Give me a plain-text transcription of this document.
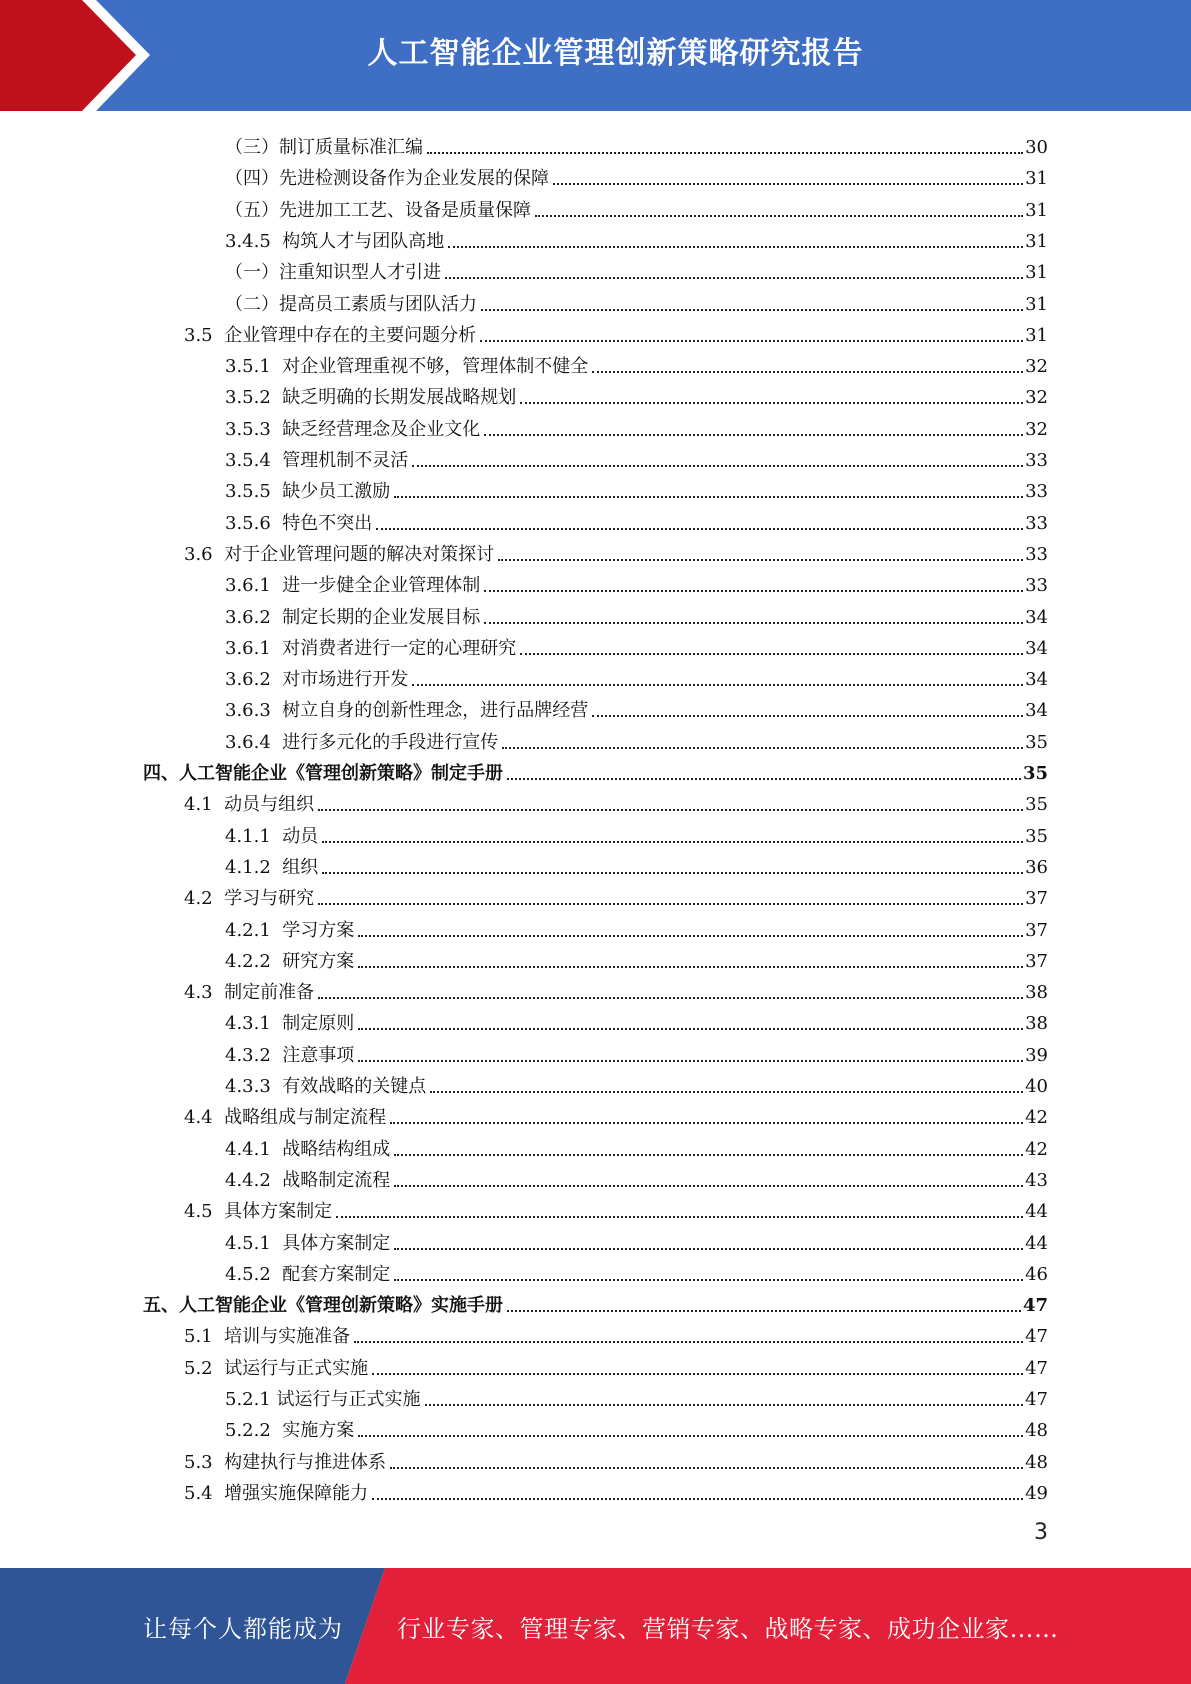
人工智能企业管理创新策略研究报告
（三）制订质量标准汇编	30
（四）先进检测设备作为企业发展的保障	31
（五）先进加工工艺、设备是质量保障	31
3.4.5  构筑人才与团队高地	31
（一）注重知识型人才引进	31
（二）提高员工素质与团队活力	31
3.5  企业管理中存在的主要问题分析	31
3.5.1  对企业管理重视不够，管理体制不健全	32
3.5.2  缺乏明确的长期发展战略规划	32
3.5.3  缺乏经营理念及企业文化	32
3.5.4  管理机制不灵活	33
3.5.5  缺少员工激励	33
3.5.6  特色不突出	33
3.6  对于企业管理问题的解决对策探讨	33
3.6.1  进一步健全企业管理体制	33
3.6.2  制定长期的企业发展目标	34
3.6.1  对消费者进行一定的心理研究	34
3.6.2  对市场进行开发	34
3.6.3  树立自身的创新性理念，进行品牌经营	34
3.6.4  进行多元化的手段进行宣传	35
四、人工智能企业《管理创新策略》制定手册	35
4.1  动员与组织	35
4.1.1  动员	35
4.1.2  组织	36
4.2  学习与研究	37
4.2.1  学习方案	37
4.2.2  研究方案	37
4.3  制定前准备	38
4.3.1  制定原则	38
4.3.2  注意事项	39
4.3.3  有效战略的关键点	40
4.4  战略组成与制定流程	42
4.4.1  战略结构组成	42
4.4.2  战略制定流程	43
4.5  具体方案制定	44
4.5.1  具体方案制定	44
4.5.2  配套方案制定	46
五、人工智能企业《管理创新策略》实施手册	47
5.1  培训与实施准备	47
5.2  试运行与正式实施	47
5.2.1 试运行与正式实施	47
5.2.2  实施方案	48
5.3  构建执行与推进体系	48
5.4  增强实施保障能力	49
3
让每个人都能成为 行业专家、管理专家、营销专家、战略专家、成功企业家……
